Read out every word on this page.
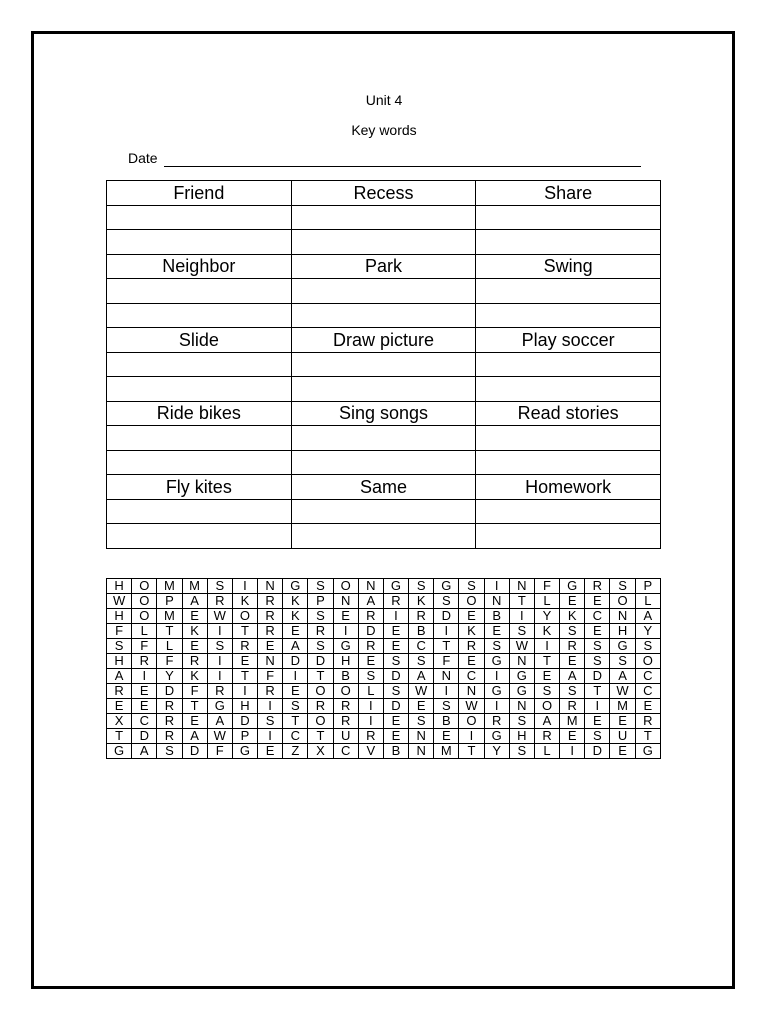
Unit 4
Key words
Date
Friend	Recess	Share

Neighbor	Park	Swing

Slide	Draw picture	Play soccer

Ride bikes	Sing songs	Read stories

Fly kites	Same	Homework

H	O	M	M	S	I	N	G	S	O	N	G	S	G	S	I	N	F	G	R	S	P
W	O	P	A	R	K	R	K	P	N	A	R	K	S	O	N	T	L	E	E	O	L
H	O	M	E	W	O	R	K	S	E	R	I	R	D	E	B	I	Y	K	C	N	A
F	L	T	K	I	T	R	E	R	I	D	E	B	I	K	E	S	K	S	E	H	Y
S	F	L	E	S	R	E	A	S	G	R	E	C	T	R	S	W	I	R	S	G	S
H	R	F	R	I	E	N	D	D	H	E	S	S	F	E	G	N	T	E	S	S	O
A	I	Y	K	I	T	F	I	T	B	S	D	A	N	C	I	G	E	A	D	A	C
R	E	D	F	R	I	R	E	O	O	L	S	W	I	N	G	G	S	S	T	W	C
E	E	R	T	G	H	I	S	R	R	I	D	E	S	W	I	N	O	R	I	M	E
X	C	R	E	A	D	S	T	O	R	I	E	S	B	O	R	S	A	M	E	E	R
T	D	R	A	W	P	I	C	T	U	R	E	N	E	I	G	H	R	E	S	U	T
G	A	S	D	F	G	E	Z	X	C	V	B	N	M	T	Y	S	L	I	D	E	G
